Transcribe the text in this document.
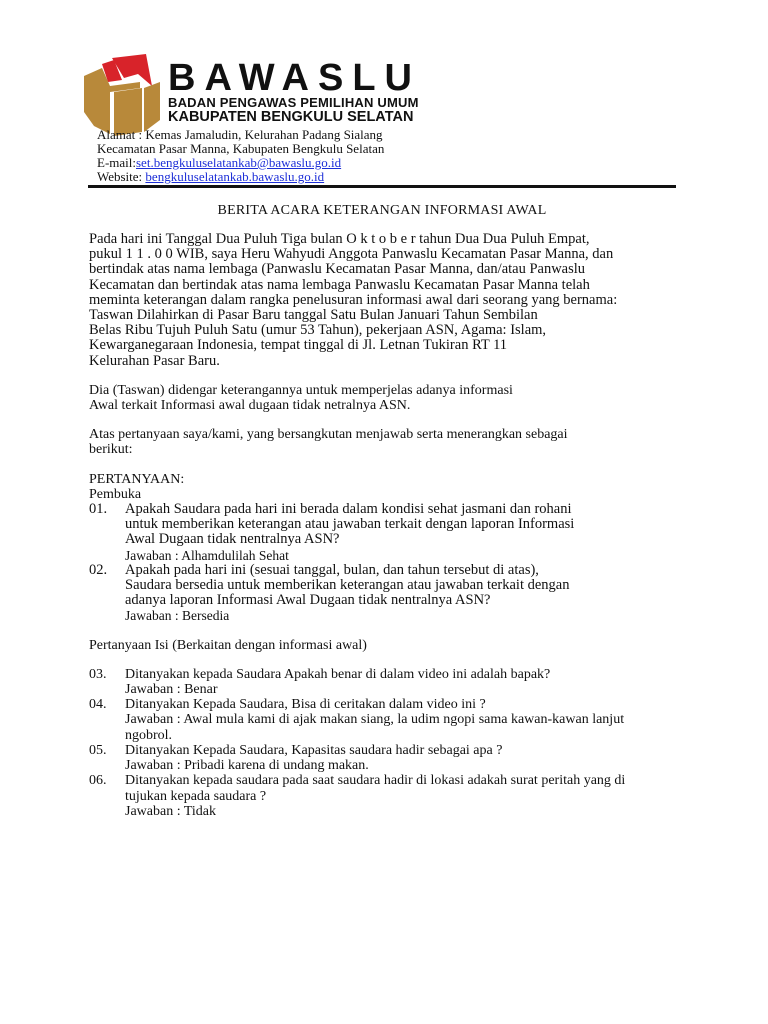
BAWASLU
BADAN PENGAWAS PEMILIHAN UMUM
KABUPATEN BENGKULU SELATAN
Alamat : Kemas Jamaludin, Kelurahan Padang Sialang
Kecamatan Pasar Manna, Kabupaten Bengkulu Selatan
E-mail:set.bengkuluselatankab@bawaslu.go.id
Website: bengkuluselatankab.bawaslu.go.id
BERITA ACARA KETERANGAN INFORMASI AWAL

Pada hari ini Tanggal Dua Puluh Tiga bulan O k t o b e r tahun Dua Dua Puluh Empat,

pukul 1 1 . 0 0 WIB, saya Heru Wahyudi Anggota Panwaslu Kecamatan Pasar Manna, dan

bertindak atas nama lembaga (Panwaslu Kecamatan Pasar Manna, dan/atau Panwaslu

Kecamatan dan bertindak atas nama lembaga Panwaslu Kecamatan Pasar Manna telah

meminta keterangan dalam rangka penelusuran informasi awal dari seorang yang bernama:

Taswan Dilahirkan di Pasar Baru tanggal Satu Bulan Januari Tahun Sembilan

Belas Ribu Tujuh Puluh Satu (umur 53 Tahun), pekerjaan ASN, Agama: Islam,

Kewarganegaraan Indonesia, tempat tinggal di Jl. Letnan Tukiran RT 11

Kelurahan Pasar Baru.

Dia (Taswan) didengar keterangannya untuk memperjelas adanya informasi

Awal terkait Informasi awal dugaan tidak netralnya ASN.

Atas pertanyaan saya/kami, yang bersangkutan menjawab serta menerangkan sebagai

berikut:

PERTANYAAN:

Pembuka

01.	Apakah Saudara pada hari ini berada dalam kondisi sehat jasmani dan rohani

untuk memberikan keterangan atau jawaban terkait dengan laporan Informasi

Awal Dugaan tidak nentralnya ASN?

Jawaban : Alhamdulilah Sehat

02.	Apakah pada hari ini (sesuai tanggal, bulan, dan tahun tersebut di atas),

Saudara bersedia untuk memberikan keterangan atau jawaban terkait dengan

adanya laporan Informasi Awal Dugaan tidak nentralnya ASN?

Jawaban : Bersedia

Pertanyaan Isi (Berkaitan dengan informasi awal)

03.	Ditanyakan kepada Saudara Apakah benar di dalam video ini adalah bapak?

Jawaban : Benar

04.	Ditanyakan Kepada Saudara, Bisa di ceritakan dalam video ini ?

Jawaban : Awal mula kami di ajak makan siang, la udim ngopi sama kawan-kawan lanjut

ngobrol.

05.	Ditanyakan Kepada Saudara, Kapasitas saudara hadir sebagai apa ?

Jawaban : Pribadi karena di undang makan.

06.	Ditanyakan kepada saudara pada saat saudara hadir di lokasi adakah surat peritah yang di

tujukan kepada saudara ?

Jawaban : Tidak
